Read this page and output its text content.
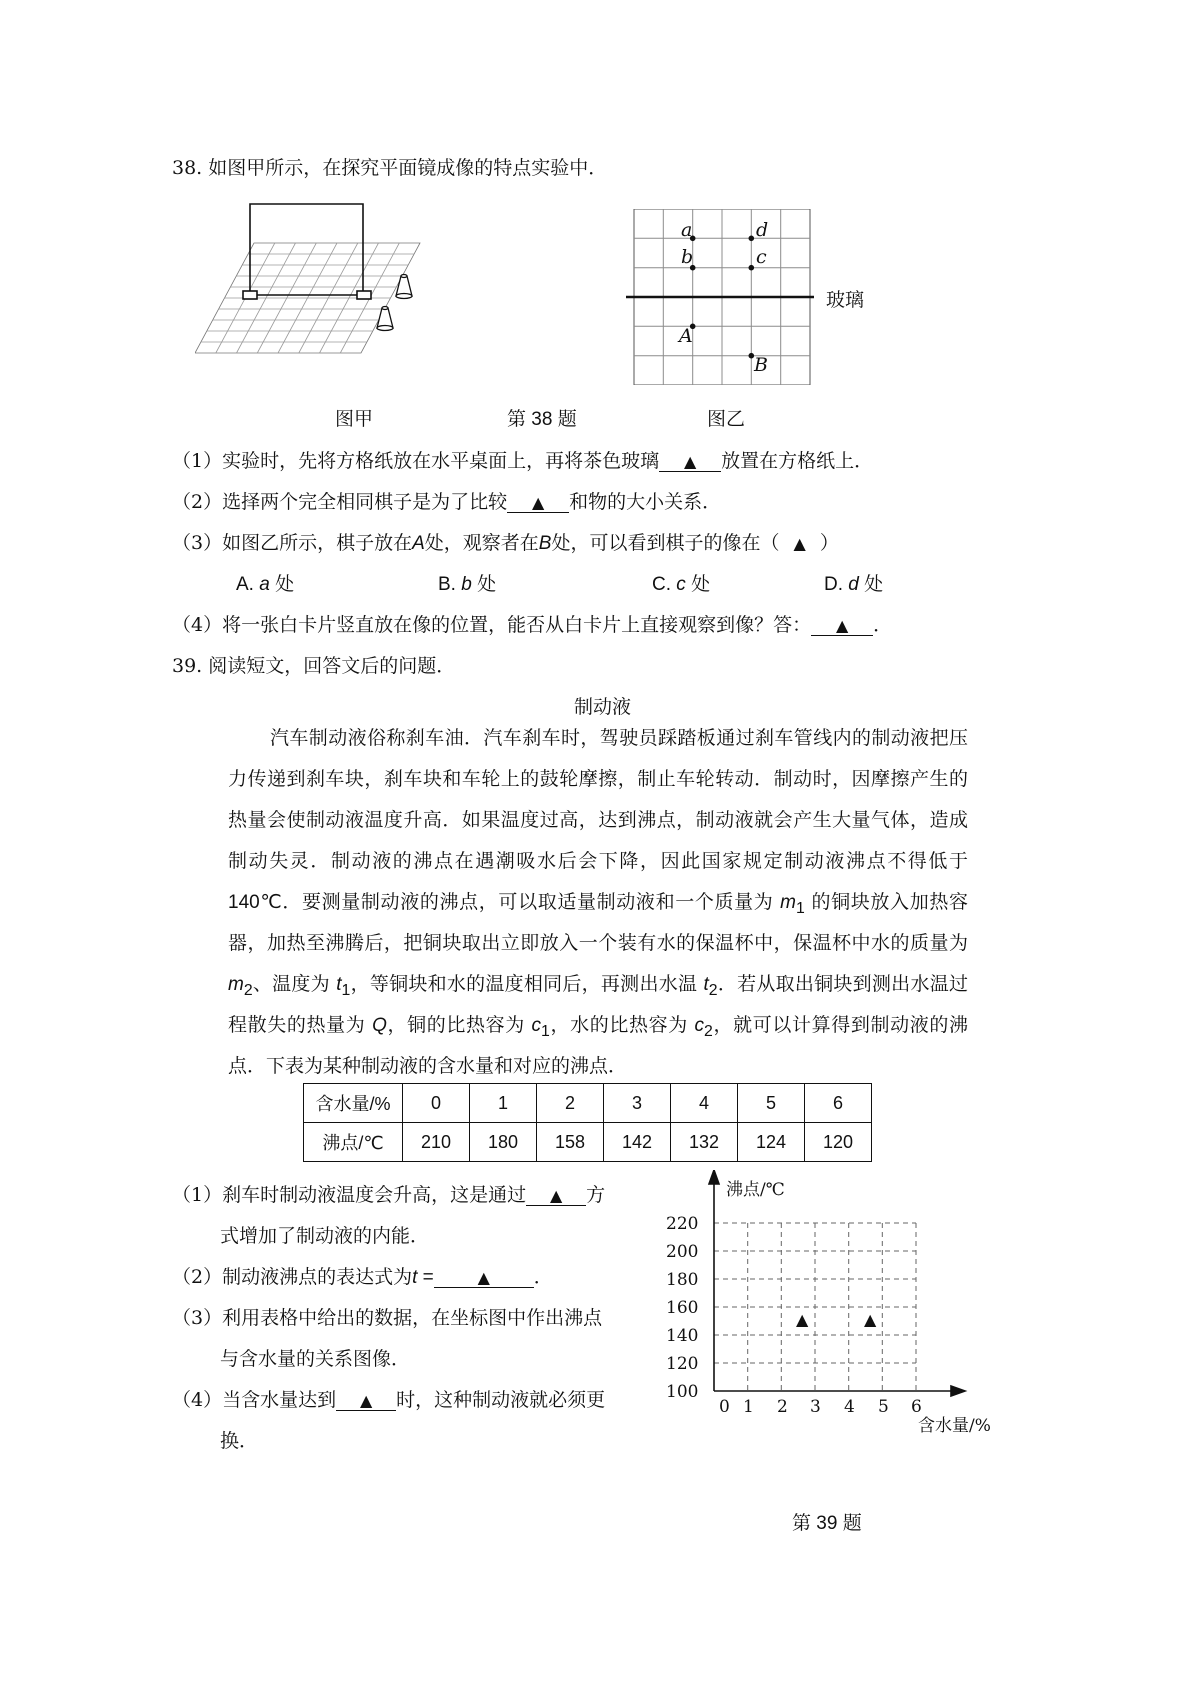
38. 如图甲所示，在探究平面镜成像的特点实验中．
a	d
b	c
A
B
玻璃
图甲	第 38 题	图乙
（1）实验时，先将方格纸放在水平桌面上，再将茶色玻璃 ▲ 放置在方格纸上．
（2）选择两个完全相同棋子是为了比较 ▲ 和物的大小关系．
（3）如图乙所示，棋子放在A处，观察者在B处，可以看到棋子的像在（ ▲ ）
A. a 处	B. b 处	C. c 处	D. d 处
（4）将一张白卡片竖直放在像的位置，能否从白卡片上直接观察到像？答： ▲ ．
39. 阅读短文，回答文后的问题．
制动液
汽车制动液俗称刹车油．汽车刹车时，驾驶员踩踏板通过刹车管线内的制动液把压
力传递到刹车块，刹车块和车轮上的鼓轮摩擦，制止车轮转动．制动时，因摩擦产生的
热量会使制动液温度升高．如果温度过高，达到沸点，制动液就会产生大量气体，造成
制动失灵．制动液的沸点在遇潮吸水后会下降，因此国家规定制动液沸点不得低于
140℃．要测量制动液的沸点，可以取适量制动液和一个质量为 $m_1$ 的铜块放入加热容
器，加热至沸腾后，把铜块取出立即放入一个装有水的保温杯中，保温杯中水的质量为
$m_2$、温度为 $t_1$，等铜块和水的温度相同后，再测出水温 $t_2$．若从取出铜块到测出水温过
程散失的热量为 Q，铜的比热容为 $c_1$，水的比热容为 $c_2$，就可以计算得到制动液的沸
点．下表为某种制动液的含水量和对应的沸点．
含水量/%	0	1	2	3	4	5	6
沸点/℃	210	180	158	142	132	124	120
（1）刹车时制动液温度会升高，这是通过 ▲ 方
式增加了制动液的内能．
（2）制动液沸点的表达式为t =	▲ ．
（3）利用表格中给出的数据，在坐标图中作出沸点
与含水量的关系图像．
（4）当含水量达到 ▲ 时，这种制动液就必须更
换．
220
200
180
160
140
120
100
0 1 2 3 4 5 6
沸点/℃
含水量/%
▲	▲
第 39 题
